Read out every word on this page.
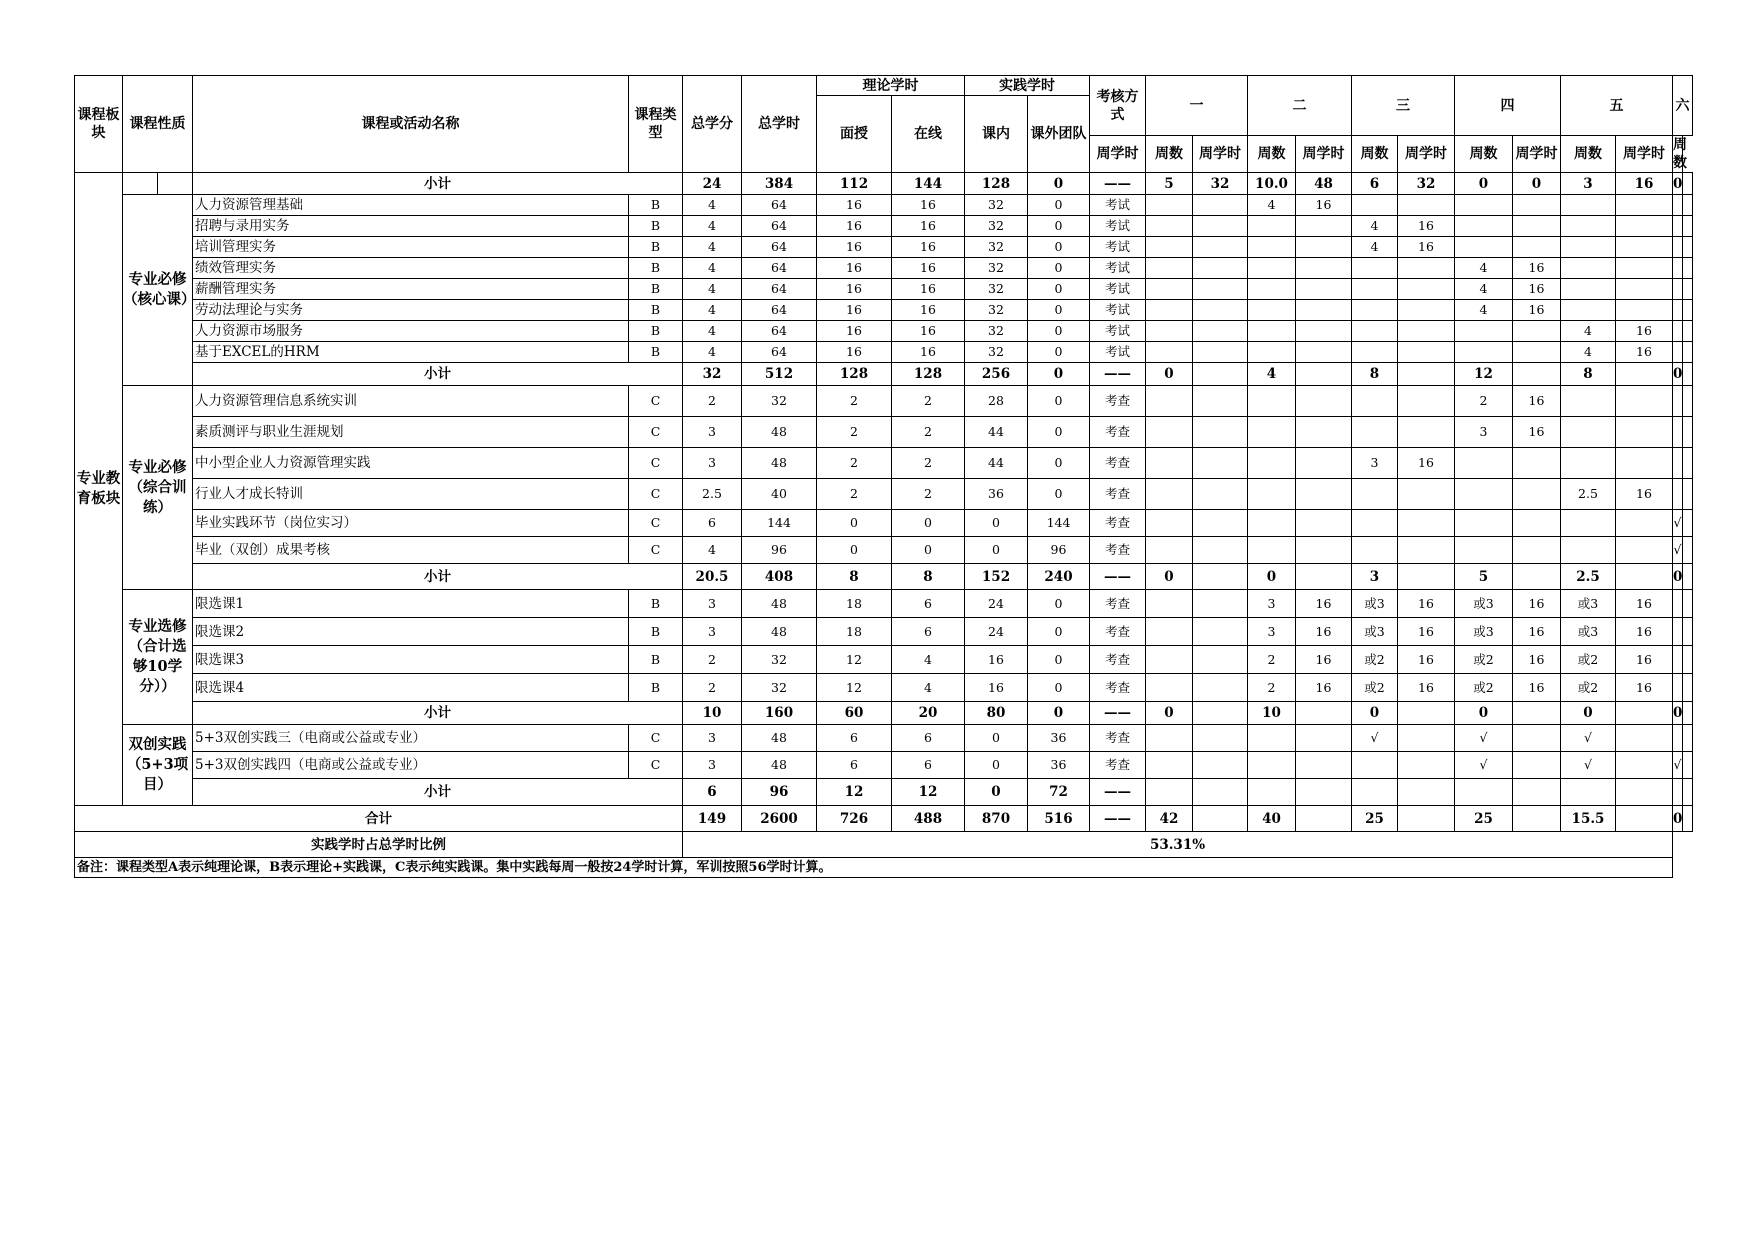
课程板块	课程性质		课程或活动名称	课程类型	总学分	总学时	理论学时		实践学时		考核方式	一		二		三		四		五		六	
							面授	在线	课内	课外团队													
											周学时	周数	周学时	周数	周学时	周数	周学时	周数	周学时	周数	周学时	周数	
专业教育板块			小计		24	384	112	144	128	0	——	5	32	10.0	48	6	32	0	0	3	16	0	
	专业必修（核心课）		人力资源管理基础	B	4	64	16	16	32	0	考试			4	16								
			招聘与录用实务	B	4	64	16	16	32	0	考试					4	16						
			培训管理实务	B	4	64	16	16	32	0	考试					4	16						
			绩效管理实务	B	4	64	16	16	32	0	考试							4	16				
			薪酬管理实务	B	4	64	16	16	32	0	考试							4	16				
			劳动法理论与实务	B	4	64	16	16	32	0	考试							4	16				
			人力资源市场服务	B	4	64	16	16	32	0	考试									4	16		
			基于EXCEL的HRM	B	4	64	16	16	32	0	考试									4	16		
			小计		32	512	128	128	256	0	——	0		4		8		12		8		0	
	专业必修（综合训练）		人力资源管理信息系统实训	C	2	32	2	2	28	0	考查							2	16				
			素质测评与职业生涯规划	C	3	48	2	2	44	0	考查							3	16				
			中小型企业人力资源管理实践	C	3	48	2	2	44	0	考查					3	16						
			行业人才成长特训	C	2.5	40	2	2	36	0	考查									2.5	16		
			毕业实践环节（岗位实习）	C	6	144	0	0	0	144	考查											√	
			毕业（双创）成果考核	C	4	96	0	0	0	96	考查											√	
			小计		20.5	408	8	8	152	240	——	0		0		3		5		2.5		0	
	专业选修（合计选够10学分））		限选课1	B	3	48	18	6	24	0	考查			3	16	或3	16	或3	16	或3	16		
			限选课2	B	3	48	18	6	24	0	考查			3	16	或3	16	或3	16	或3	16		
			限选课3	B	2	32	12	4	16	0	考查			2	16	或2	16	或2	16	或2	16		
			限选课4	B	2	32	12	4	16	0	考查			2	16	或2	16	或2	16	或2	16		
			小计		10	160	60	20	80	0	——	0		10		0		0		0		0	
	双创实践（5+3项目）		5+3双创实践三（电商或公益或专业）	C	3	48	6	6	0	36	考查					√		√		√			
			5+3双创实践四（电商或公益或专业）	C	3	48	6	6	0	36	考查							√		√		√	
			小计		6	96	12	12	0	72	——												
合计					149	2600	726	488	870	516	——	42		40		25		25		15.5		0	
实践学时占总学时比例					53.31%																		
备注：课程类型A表示纯理论课，B表示理论+实践课，C表示纯实践课。集中实践每周一般按24学时计算，军训按照56学时计算。																							
